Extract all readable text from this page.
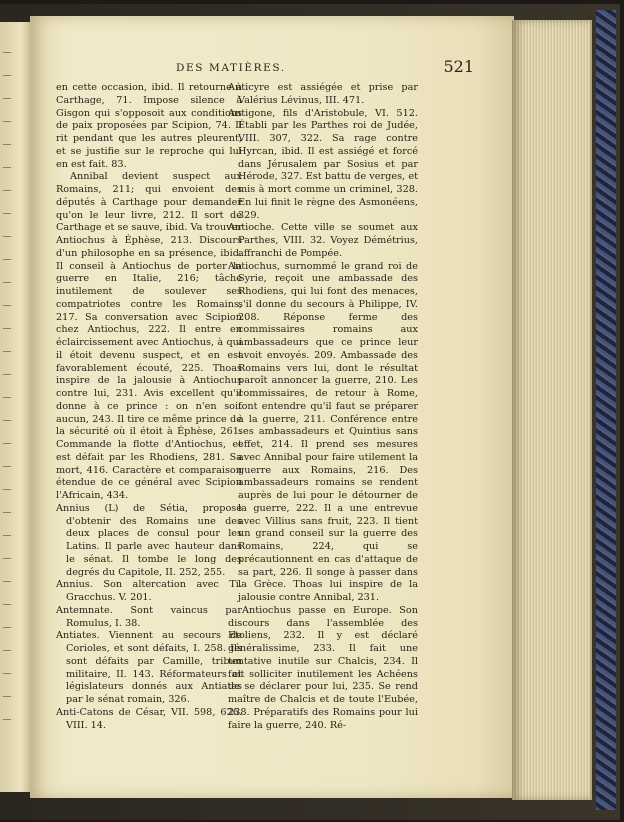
DES MATIÈRES.	521

en cette occasion, ibid. Il retourne à Carthage, 71. Impose silence à Gisgon qui s'opposoit aux conditions de paix proposées par Scipion, 74. Il rit pendant que les autres pleurent, et se justifie sur le reproche qui lui en est fait. 83.

Annibal devient suspect aux Romains, 211; qui envoient des députés à Carthage pour demander qu'on le leur livre, 212. Il sort de Carthage et se sauve, ibid. Va trouver Antiochus à Éphèse, 213. Discours d'un philosophe en sa présence, ibid. Il conseil à Antiochus de porter la guerre en Italie, 216; tâche inutilement de soulever ses compatriotes contre les Romains, 217. Sa conversation avec Scipion chez Antiochus, 222. Il entre en éclaircissement avec Antiochus, à qui il étoit devenu suspect, et en est favorablement écouté, 225. Thoas inspire de la jalousie à Antiochus contre lui, 231. Avis excellent qu'il donne à ce prince : on n'en soit aucun, 243. Il tire ce même prince de la sécurité où il étoit à Éphèse, 261. Commande la flotte d'Antiochus, et est défait par les Rhodiens, 281. Sa mort, 416. Caractère et comparaison étendue de ce général avec Scipion l'Africain, 434.

Annius (L) de Sétia, propose d'obtenir des Romains une des deux places de consul pour les Latins. Il parle avec hauteur dans le sénat. Il tombe le long des degrés du Capitole, II. 252, 255.

Annius. Son altercation avec Ti. Gracchus. V. 201.

Antemnate. Sont vaincus par Romulus, I. 38.

Antiates. Viennent au secours de Corioles, et sont défaits, I. 258. Ils sont défaits par Camille, tribun militaire, II. 143. Réformateurs et législateurs donnés aux Antiates par le sénat romain, 326.

Anti-Catons de César, VII. 598, 626. VIII. 14.

Anticyre est assiégée et prise par Valérius Lévinus, III. 471.

Antigone, fils d'Aristobule, VI. 512. Établi par les Parthes roi de Judée, VIII. 307, 322. Sa rage contre Hyrcan, ibid. Il est assiégé et forcé dans Jérusalem par Sosius et par Hérode, 327. Est battu de verges, et mis à mort comme un criminel, 328. En lui finit le règne des Asmonéens, 329.

Antioche. Cette ville se soumet aux Parthes, VIII. 32. Voyez Démétrius, affranchi de Pompée.

Antiochus, surnommé le grand roi de Syrie, reçoit une ambassade des Rhodiens, qui lui font des menaces, s'il donne du secours à Philippe, IV. 208. Réponse ferme des commissaires romains aux ambassadeurs que ce prince leur avoit envoyés. 209. Ambassade des Romains vers lui, dont le résultat paroît annoncer la guerre, 210. Les commissaires, de retour à Rome, font entendre qu'il faut se préparer à la guerre, 211. Conférence entre ses ambassadeurs et Quintius sans effet, 214. Il prend ses mesures avec Annibal pour faire utilement la guerre aux Romains, 216. Des ambassadeurs romains se rendent auprès de lui pour le détourner de la guerre, 222. Il a une entrevue avec Villius sans fruit, 223. Il tient un grand conseil sur la guerre des Romains, 224, qui se précautionnent en cas d'attaque de sa part, 226. Il songe à passer dans la Grèce. Thoas lui inspire de la jalousie contre Annibal, 231.

Antiochus passe en Europe. Son discours dans l'assemblée des Etoliens, 232. Il y est déclaré généralissime, 233. Il fait une tentative inutile sur Chalcis, 234. Il fait solliciter inutilement les Achéens de se déclarer pour lui, 235. Se rend maître de Chalcis et de toute l'Eubée, 238. Préparatifs des Romains pour lui faire la guerre, 240. Ré-
